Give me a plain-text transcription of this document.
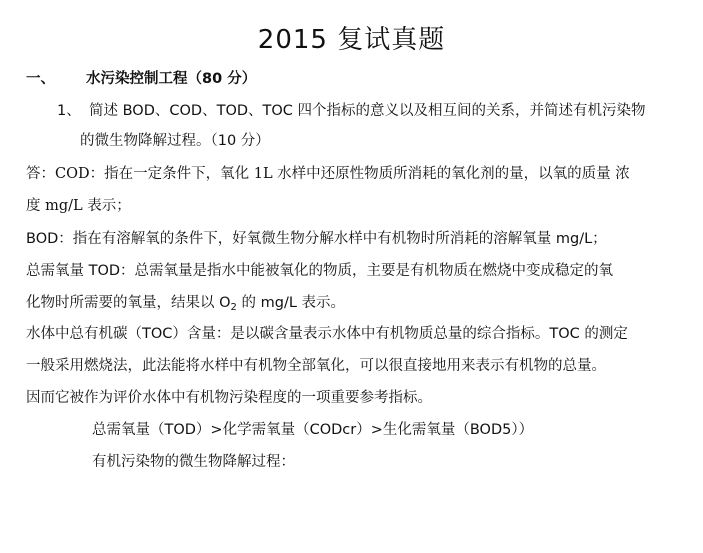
2015 复试真题
一、 水污染控制工程（80 分）
1、 简述 BOD、COD、TOD、TOC 四个指标的意义以及相互间的关系，并简述有机污染物
的微生物降解过程。（10 分）
答：COD：指在一定条件下，氧化 1L 水样中还原性物质所消耗的氧化剂的量，以氧的质量 浓
度 mg/L 表示；
BOD：指在有溶解氧的条件下，好氧微生物分解水样中有机物时所消耗的溶解氧量 mg/L；
总需氧量 TOD：总需氧量是指水中能被氧化的物质，主要是有机物质在燃烧中变成稳定的氧
化物时所需要的氧量，结果以 $O_2$ 的 mg/L 表示。
水体中总有机碳（TOC）含量：是以碳含量表示水体中有机物质总量的综合指标。TOC 的测定
一般采用燃烧法，此法能将水样中有机物全部氧化，可以很直接地用来表示有机物的总量。
因而它被作为评价水体中有机物污染程度的一项重要参考指标。
总需氧量（TOD）>化学需氧量（CODcr）>生化需氧量（BOD5））
有机污染物的微生物降解过程：
